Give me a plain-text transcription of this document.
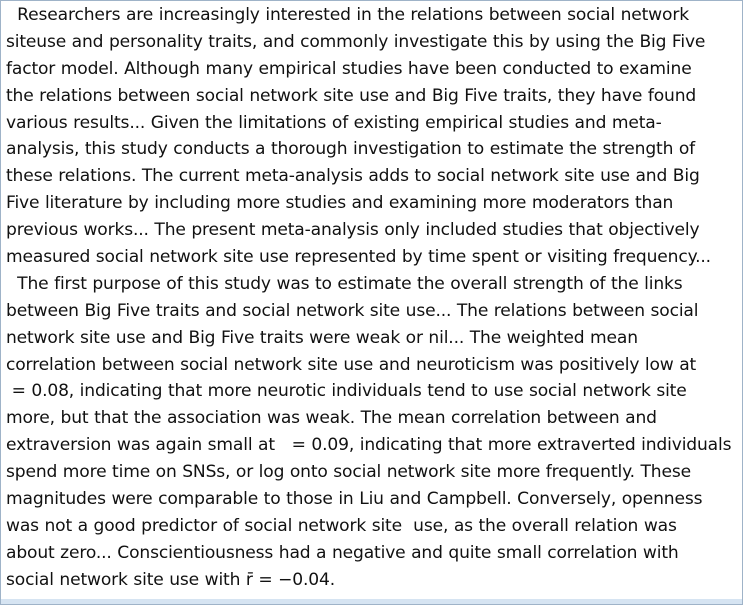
Researchers are increasingly interested in the relations between social network
siteuse and personality traits, and commonly investigate this by using the Big Five
factor model. Although many empirical studies have been conducted to examine
the relations between social network site use and Big Five traits, they have found
various results... Given the limitations of existing empirical studies and meta-
analysis, this study conducts a thorough investigation to estimate the strength of
these relations. The current meta-analysis adds to social network site use and Big
Five literature by including more studies and examining more moderators than
previous works... The present meta-analysis only included studies that objectively
measured social network site use represented by time spent or visiting frequency...
The first purpose of this study was to estimate the overall strength of the links
between Big Five traits and social network site use... The relations between social
network site use and Big Five traits were weak or nil... The weighted mean
correlation between social network site use and neuroticism was positively low at
= 0.08, indicating that more neurotic individuals tend to use social network site
more, but that the association was weak. The mean correlation between and
extraversion was again small at   = 0.09, indicating that more extraverted individuals
spend more time on SNSs, or log onto social network site more frequently. These
magnitudes were comparable to those in Liu and Campbell. Conversely, openness
was not a good predictor of social network site  use, as the overall relation was
about zero... Conscientiousness had a negative and quite small correlation with
social network site use with r̄ = −0.04.
